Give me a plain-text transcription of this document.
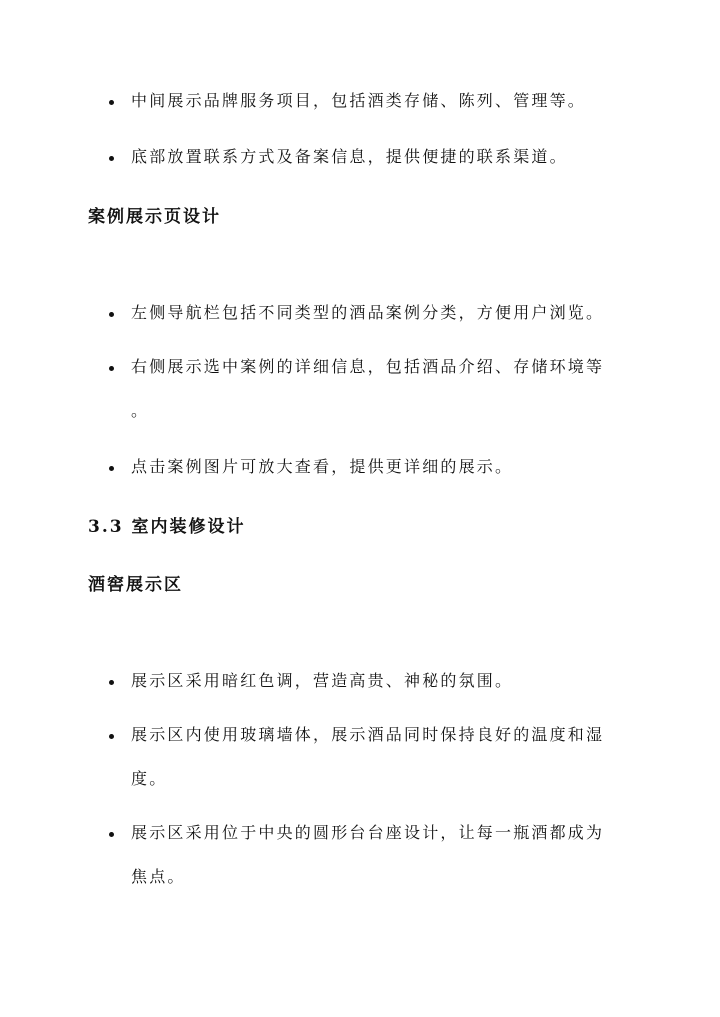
中间展示品牌服务项目，包括酒类存储、陈列、管理等。
底部放置联系方式及备案信息，提供便捷的联系渠道。
案例展示页设计
左侧导航栏包括不同类型的酒品案例分类，方便用户浏览。
右侧展示选中案例的详细信息，包括酒品介绍、存储环境等
。
点击案例图片可放大查看，提供更详细的展示。
3.3 室内装修设计
酒窖展示区
展示区采用暗红色调，营造高贵、神秘的氛围。
展示区内使用玻璃墙体，展示酒品同时保持良好的温度和湿
度。
展示区采用位于中央的圆形台台座设计，让每一瓶酒都成为
焦点。
